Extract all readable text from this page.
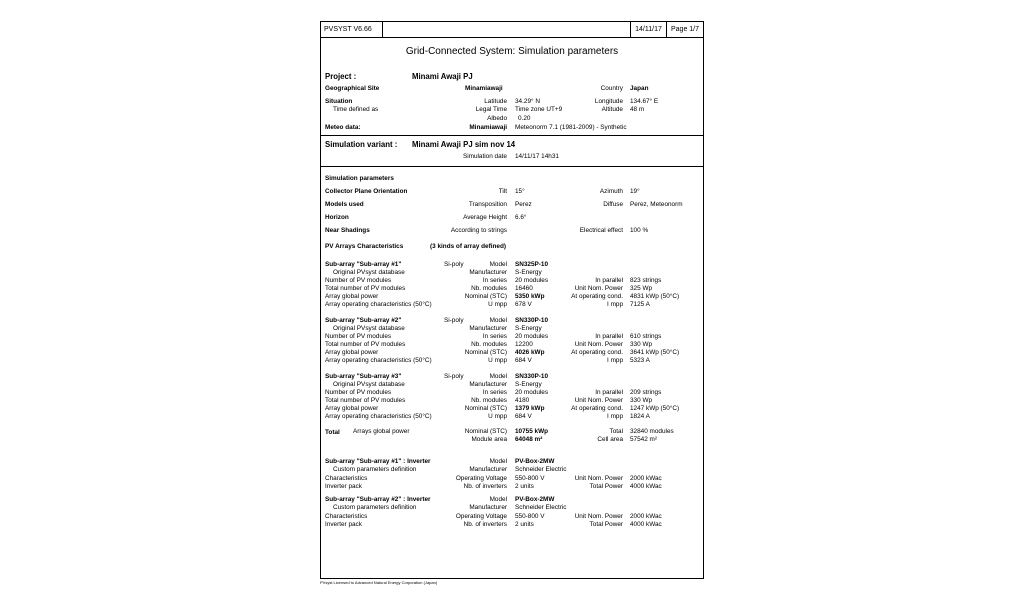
PVSYST V6.66	14/11/17	Page 1/7
Grid-Connected System: Simulation parameters
Project :	Minami Awaji PJ
Geographical Site	Minamiawaji	Country Japan
Situation	Latitude 34.29° N	Longitude 134.67° E
Time defined as	Legal Time Time zone UT+9	Altitude 48 m
Albedo 0.20
Meteo data:	Minamiawaji Meteonorm 7.1 (1981-2009) - Synthetic
Simulation variant : Minami Awaji PJ sim nov 14
Simulation date 14/11/17 14h31
Simulation parameters
Collector Plane Orientation	Tilt 15°	Azimuth 19°
Models used	Transposition Perez	Diffuse Perez, Meteonorm
Horizon	Average Height 6.6°
Near Shadings	According to strings	Electrical effect 100 %
PV Arrays Characteristics	(3 kinds of array defined)
Sub-array "Sub-array #1"	Si-poly	Model SN325P-10
Original PVsyst database	Manufacturer S-Energy
Number of PV modules	In series 20 modules	In parallel 823 strings
Total number of PV modules	Nb. modules 16460	Unit Nom. Power 325 Wp
Array global power	Nominal (STC) 5350 kWp	At operating cond. 4831 kWp (50°C)
Array operating characteristics (50°C)	U mpp 678 V	I mpp 7125 A
Sub-array "Sub-array #2"	Si-poly	Model SN330P-10
Original PVsyst database	Manufacturer S-Energy
Number of PV modules	In series 20 modules	In parallel 610 strings
Total number of PV modules	Nb. modules 12200	Unit Nom. Power 330 Wp
Array global power	Nominal (STC) 4026 kWp	At operating cond. 3641 kWp (50°C)
Array operating characteristics (50°C)	U mpp 684 V	I mpp 5323 A
Sub-array "Sub-array #3"	Si-poly	Model SN330P-10
Original PVsyst database	Manufacturer S-Energy
Number of PV modules	In series 20 modules	In parallel 209 strings
Total number of PV modules	Nb. modules 4180	Unit Nom. Power 330 Wp
Array global power	Nominal (STC) 1379 kWp	At operating cond. 1247 kWp (50°C)
Array operating characteristics (50°C)	U mpp 684 V	I mpp 1824 A
Total Arrays global power	Nominal (STC) 10755 kWp	Total 32840 modules
Module area 64048 m²	Cell area 57542 m²
Sub-array "Sub-array #1" : Inverter	Model PV-Box-2MW
Custom parameters definition	Manufacturer Schneider Electric
Characteristics	Operating Voltage 550-800 V	Unit Nom. Power 2000 kWac
Inverter pack	Nb. of inverters 2 units	Total Power 4000 kWac
Sub-array "Sub-array #2" : Inverter	Model PV-Box-2MW
Custom parameters definition	Manufacturer Schneider Electric
Characteristics	Operating Voltage 550-800 V	Unit Nom. Power 2000 kWac
Inverter pack	Nb. of inverters 2 units	Total Power 4000 kWac
PVsyst Licensed to Advanced Natural Energy Corporation (Japan)
